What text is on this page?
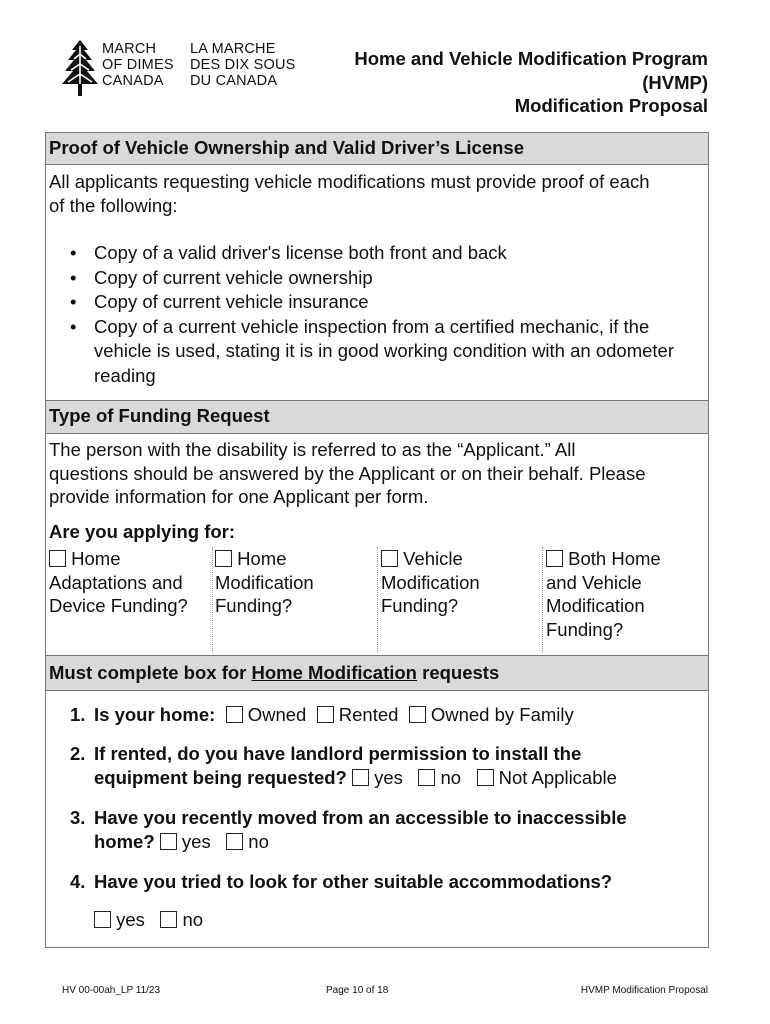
MARCH
OF DIMES
CANADA
LA MARCHE
DES DIX SOUS
DU CANADA
Home and Vehicle Modification Program
(HVMP)
Modification Proposal
Proof of Vehicle Ownership and Valid Driver’s License
All applicants requesting vehicle modifications must provide proof of each
of the following:
• Copy of a valid driver's license both front and back
• Copy of current vehicle ownership
• Copy of current vehicle insurance
• Copy of a current vehicle inspection from a certified mechanic, if the vehicle is used, stating it is in good working condition with an odometer reading
Type of Funding Request
The person with the disability is referred to as the “Applicant.” All
questions should be answered by the Applicant or on their behalf. Please
provide information for one Applicant per form.
Are you applying for:
Home
Adaptations and
Device Funding?
Home
Modification
Funding?
Vehicle
Modification
Funding?
Both Home
and Vehicle
Modification
Funding?
Must complete box for Home Modification requests
1. Is your home: Owned Rented Owned by Family
2. If rented, do you have landlord permission to install the
equipment being requested? yes no Not Applicable
3. Have you recently moved from an accessible to inaccessible
home? yes no
4. Have you tried to look for other suitable accommodations?
yes no
HV 00-00ah_LP 11/23	Page 10 of 18	HVMP Modification Proposal
